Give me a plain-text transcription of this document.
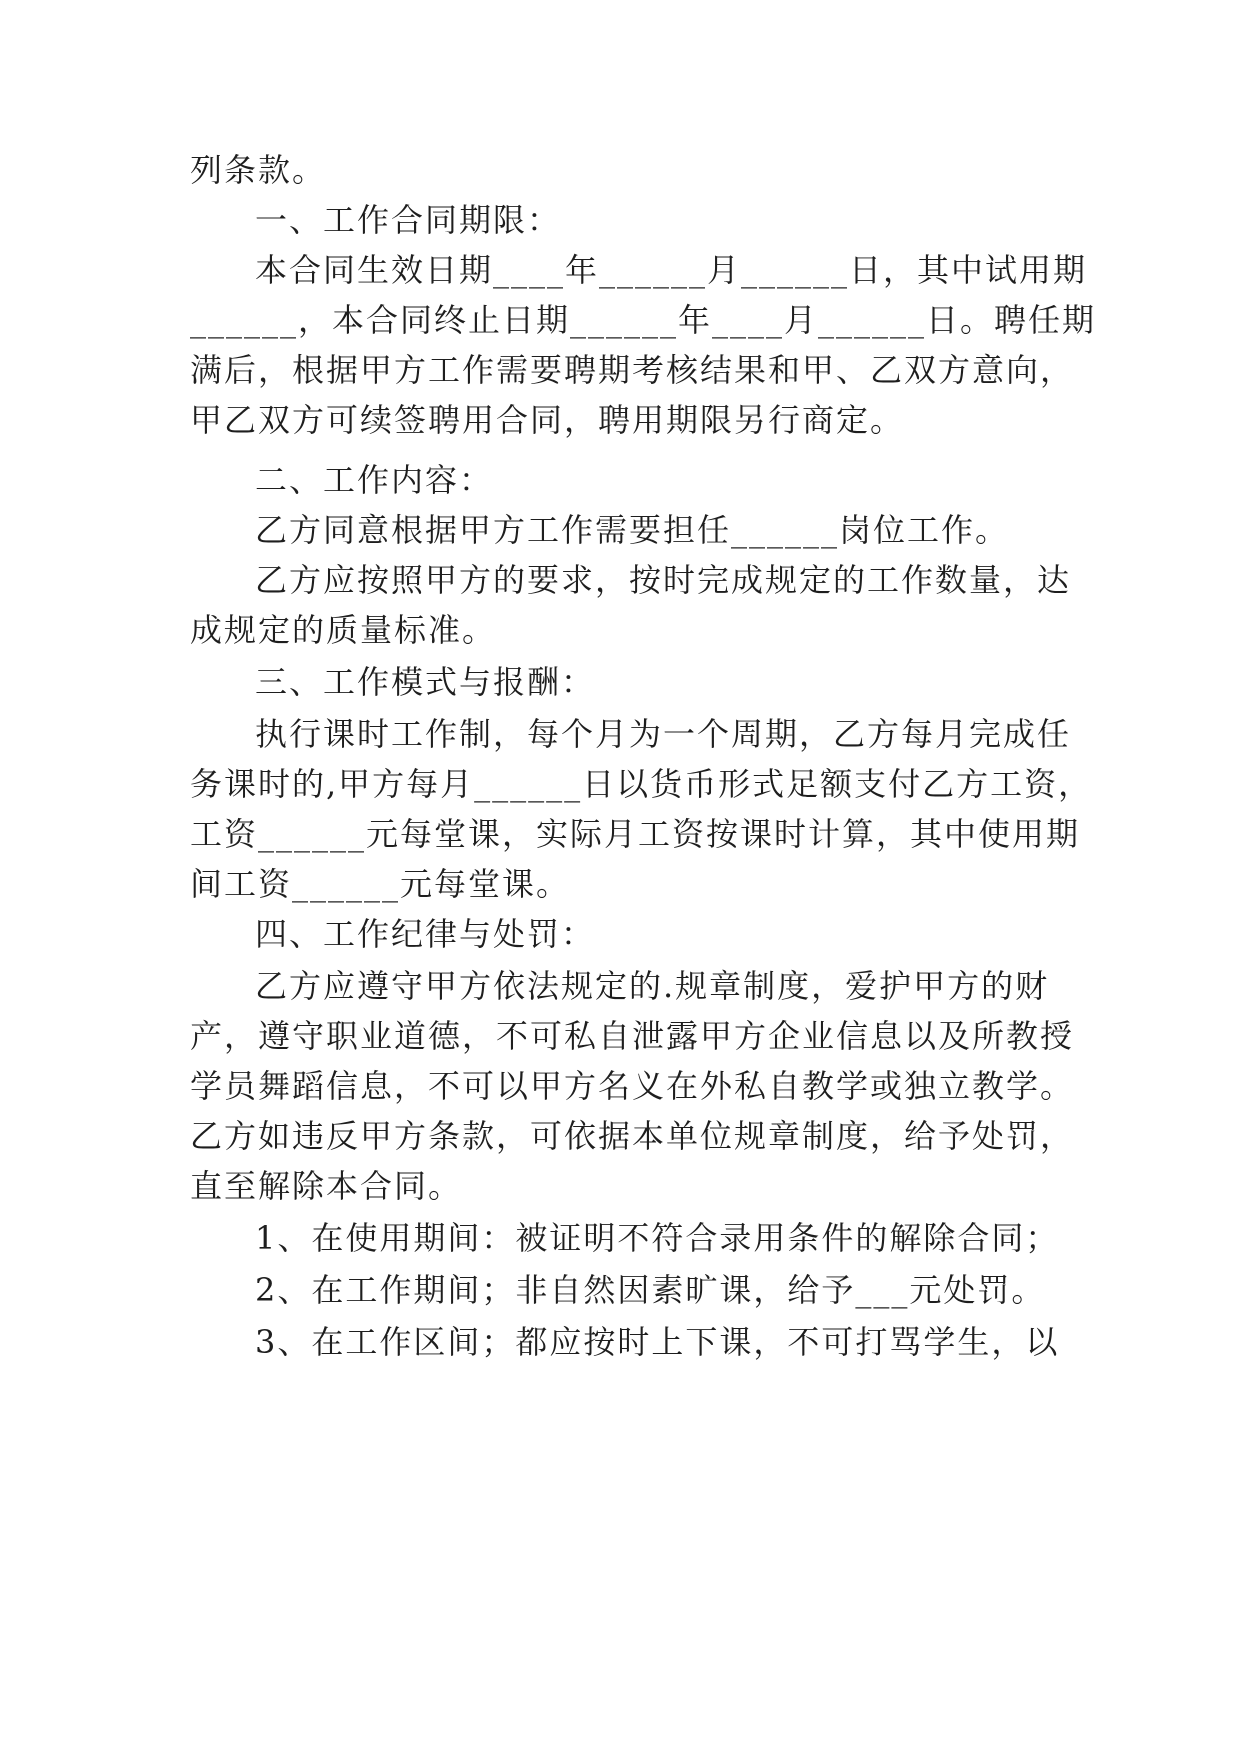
列条款。
一、工作合同期限：
本合同生效日期____年______月______日，其中试用期
______，本合同终止日期______年____月______日。聘任期
满后，根据甲方工作需要聘期考核结果和甲、乙双方意向，
甲乙双方可续签聘用合同，聘用期限另行商定。
二、工作内容：
乙方同意根据甲方工作需要担任______岗位工作。
乙方应按照甲方的要求，按时完成规定的工作数量，达
成规定的质量标准。
三、工作模式与报酬：
执行课时工作制，每个月为一个周期，乙方每月完成任
务课时的,甲方每月______日以货币形式足额支付乙方工资，
工资______元每堂课，实际月工资按课时计算，其中使用期
间工资______元每堂课。
四、工作纪律与处罚：
乙方应遵守甲方依法规定的.规章制度，爱护甲方的财
产，遵守职业道德，不可私自泄露甲方企业信息以及所教授
学员舞蹈信息，不可以甲方名义在外私自教学或独立教学。
乙方如违反甲方条款，可依据本单位规章制度，给予处罚，
直至解除本合同。
1、在使用期间：被证明不符合录用条件的解除合同；
2、在工作期间；非自然因素旷课，给予___元处罚。
3、在工作区间；都应按时上下课，不可打骂学生，以
